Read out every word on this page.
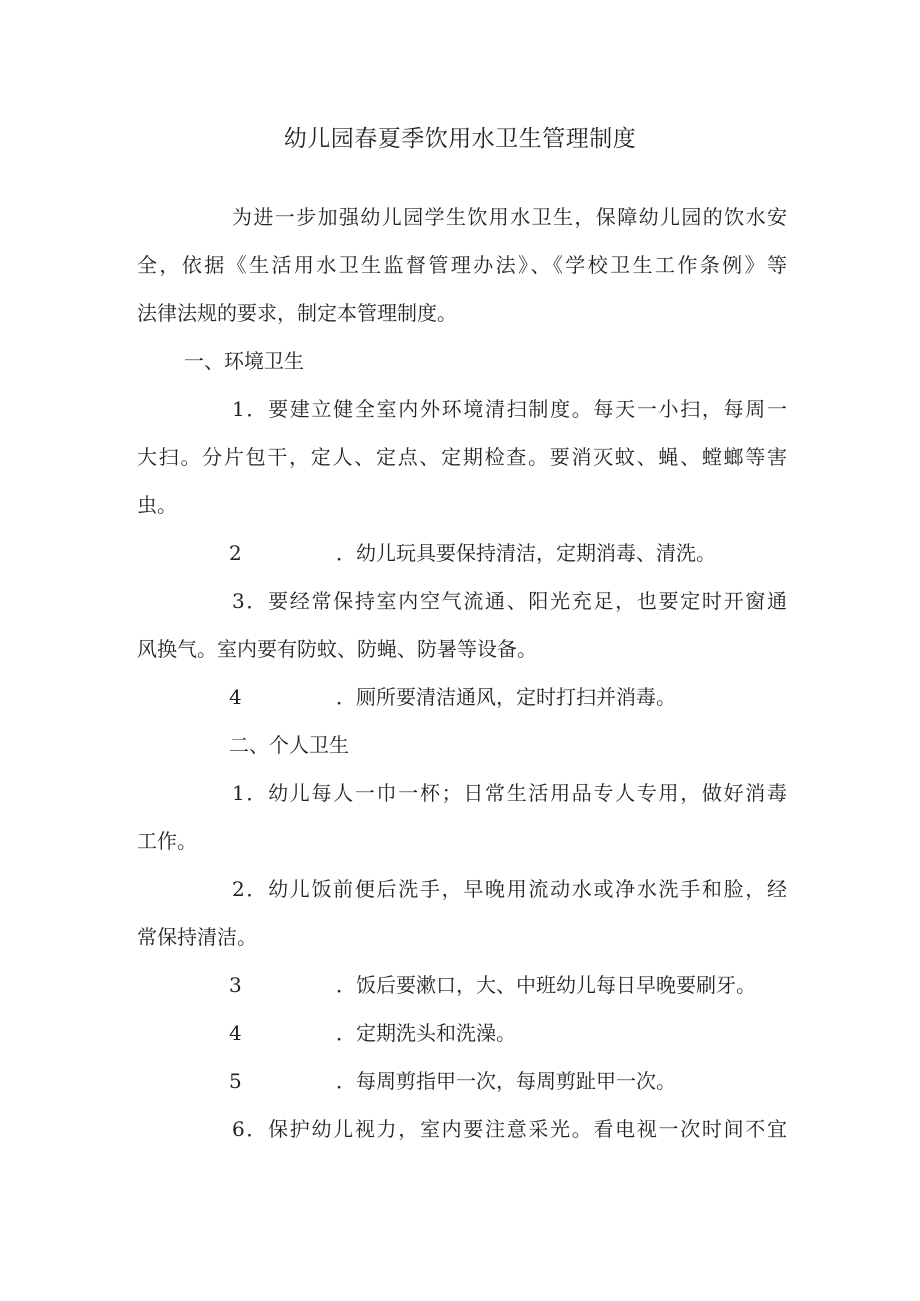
幼儿园春夏季饮用水卫生管理制度
为进一步加强幼儿园学生饮用水卫生，保障幼儿园的饮水安
全，依据《生活用水卫生监督管理办法》、《学校卫生工作条例》等
法律法规的要求，制定本管理制度。
一、环境卫生
1．要建立健全室内外环境清扫制度。每天一小扫，每周一
大扫。分片包干，定人、定点、定期检查。要消灭蚊、蝇、螳螂等害
虫。
2	．幼儿玩具要保持清洁，定期消毒、清洗。
3．要经常保持室内空气流通、阳光充足，也要定时开窗通
风换气。室内要有防蚊、防蝇、防暑等设备。
4	．厕所要清洁通风，定时打扫并消毒。
二、个人卫生
1．幼儿每人一巾一杯；日常生活用品专人专用，做好消毒
工作。
2．幼儿饭前便后洗手，早晚用流动水或净水洗手和脸，经
常保持清洁。
3	．饭后要漱口，大、中班幼儿每日早晚要刷牙。
4	．定期洗头和洗澡。
5	．每周剪指甲一次，每周剪趾甲一次。
6．保护幼儿视力，室内要注意采光。看电视一次时间不宜
